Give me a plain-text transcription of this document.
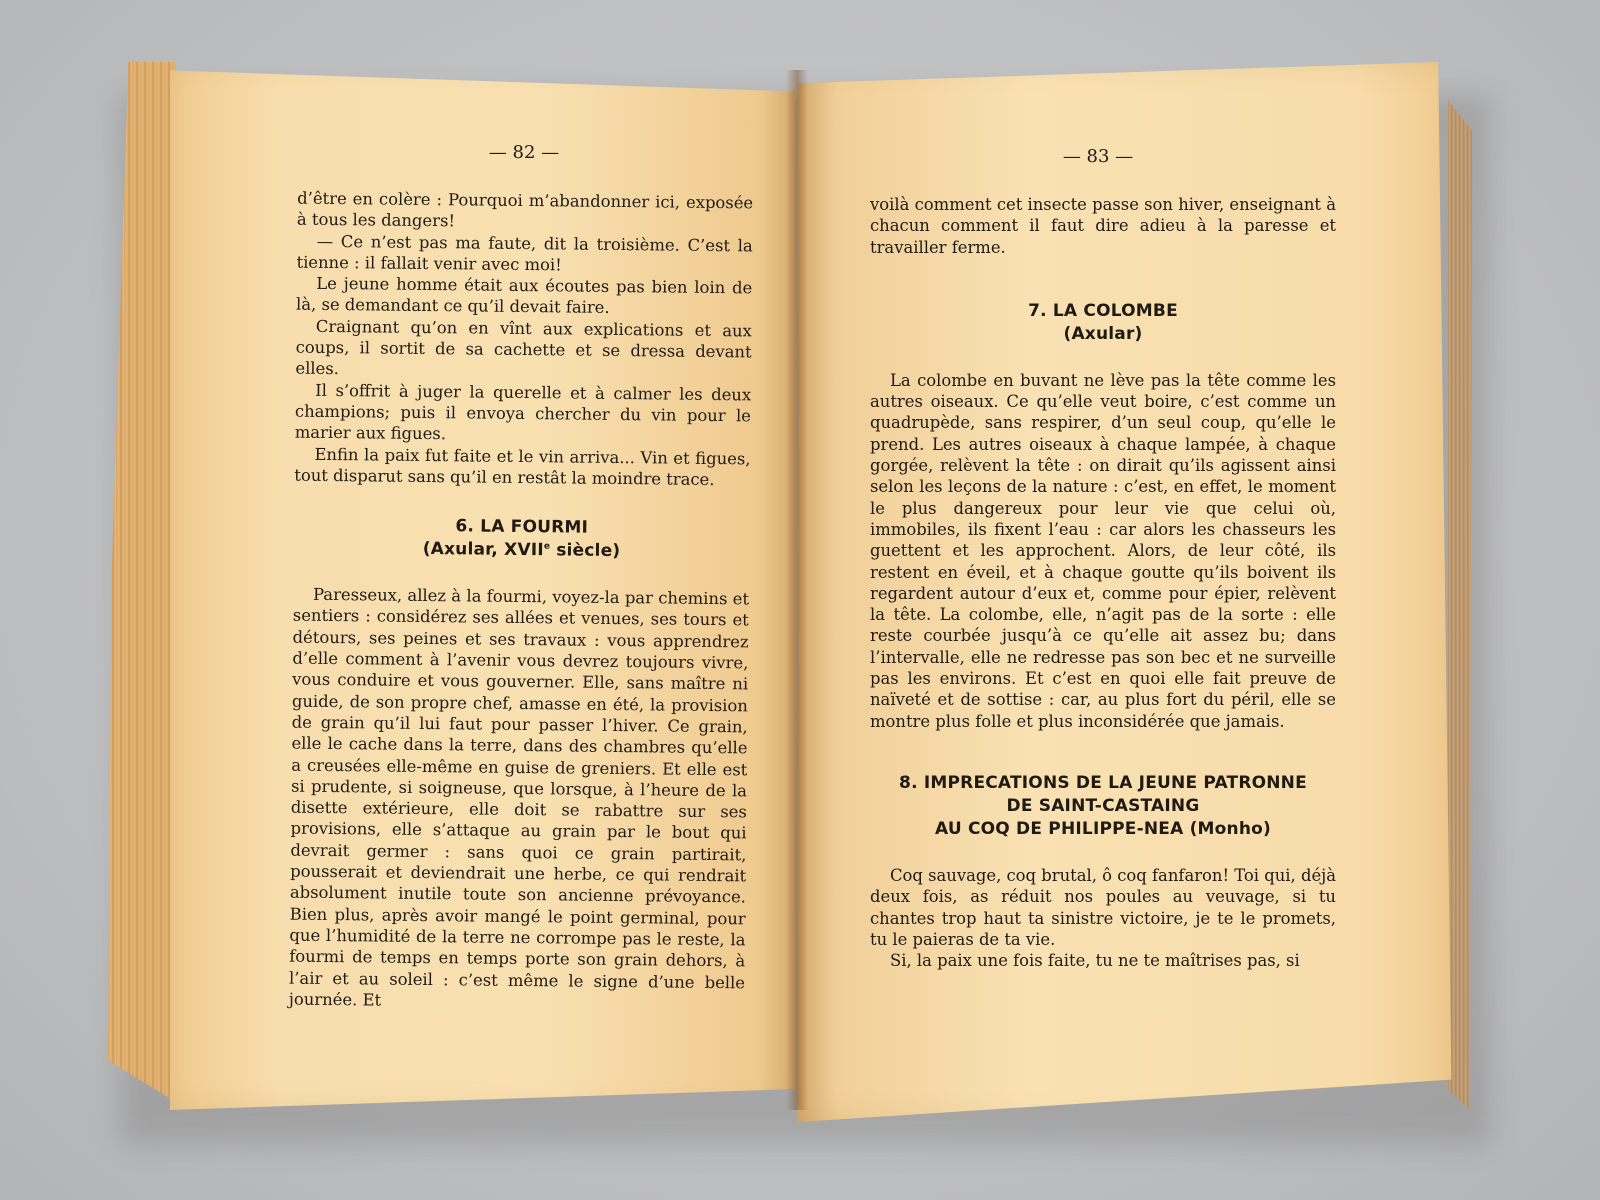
— 82 —	— 83 —

d’être en colère : Pourquoi m’abandonner ici, exposée à tous les dangers!

— Ce n’est pas ma faute, dit la troisième. C’est la tienne : il fallait venir avec moi!

Le jeune homme était aux écoutes pas bien loin de là, se demandant ce qu’il devait faire.

Craignant qu’on en vînt aux explications et aux coups, il sortit de sa cachette et se dressa devant elles.

Il s’offrit à juger la querelle et à calmer les deux champions; puis il envoya chercher du vin pour le marier aux figues.

Enfin la paix fut faite et le vin arriva... Vin et figues, tout disparut sans qu’il en restât la moindre trace.

6. LA FOURMI
(Axular, XVIIe siècle)

Paresseux, allez à la fourmi, voyez-la par chemins et sentiers : considérez ses allées et venues, ses tours et détours, ses peines et ses travaux : vous apprendrez d’elle comment à l’avenir vous devrez toujours vivre, vous conduire et vous gouverner. Elle, sans maître ni guide, de son propre chef, amasse en été, la provision de grain qu’il lui faut pour passer l’hiver. Ce grain, elle le cache dans la terre, dans des chambres qu’elle a creusées elle-même en guise de greniers. Et elle est si prudente, si soigneuse, que lorsque, à l’heure de la disette extérieure, elle doit se rabattre sur ses provisions, elle s’attaque au grain par le bout qui devrait germer : sans quoi ce grain partirait, pousserait et deviendrait une herbe, ce qui rendrait absolument inutile toute son ancienne prévoyance. Bien plus, après avoir mangé le point germinal, pour que l’humidité de la terre ne corrompe pas le reste, la fourmi de temps en temps porte son grain dehors, à l’air et au soleil : c’est même le signe d’une belle journée. Et

voilà comment cet insecte passe son hiver, enseignant à chacun comment il faut dire adieu à la paresse et travailler ferme.

7. LA COLOMBE
(Axular)

La colombe en buvant ne lève pas la tête comme les autres oiseaux. Ce qu’elle veut boire, c’est comme un quadrupède, sans respirer, d’un seul coup, qu’elle le prend. Les autres oiseaux à chaque lampée, à chaque gorgée, relèvent la tête : on dirait qu’ils agissent ainsi selon les leçons de la nature : c’est, en effet, le moment le plus dangereux pour leur vie que celui où, immobiles, ils fixent l’eau : car alors les chasseurs les guettent et les approchent. Alors, de leur côté, ils restent en éveil, et à chaque goutte qu’ils boivent ils regardent autour d’eux et, comme pour épier, relèvent la tête. La colombe, elle, n’agit pas de la sorte : elle reste courbée jusqu’à ce qu’elle ait assez bu; dans l’intervalle, elle ne redresse pas son bec et ne surveille pas les environs. Et c’est en quoi elle fait preuve de naïveté et de sottise : car, au plus fort du péril, elle se montre plus folle et plus inconsidérée que jamais.

8. IMPRECATIONS DE LA JEUNE PATRONNE
DE SAINT-CASTAING
AU COQ DE PHILIPPE-NEA (Monho)

Coq sauvage, coq brutal, ô coq fanfaron! Toi qui, déjà deux fois, as réduit nos poules au veuvage, si tu chantes trop haut ta sinistre victoire, je te le promets, tu le paieras de ta vie.

Si, la paix une fois faite, tu ne te maîtrises pas, si
